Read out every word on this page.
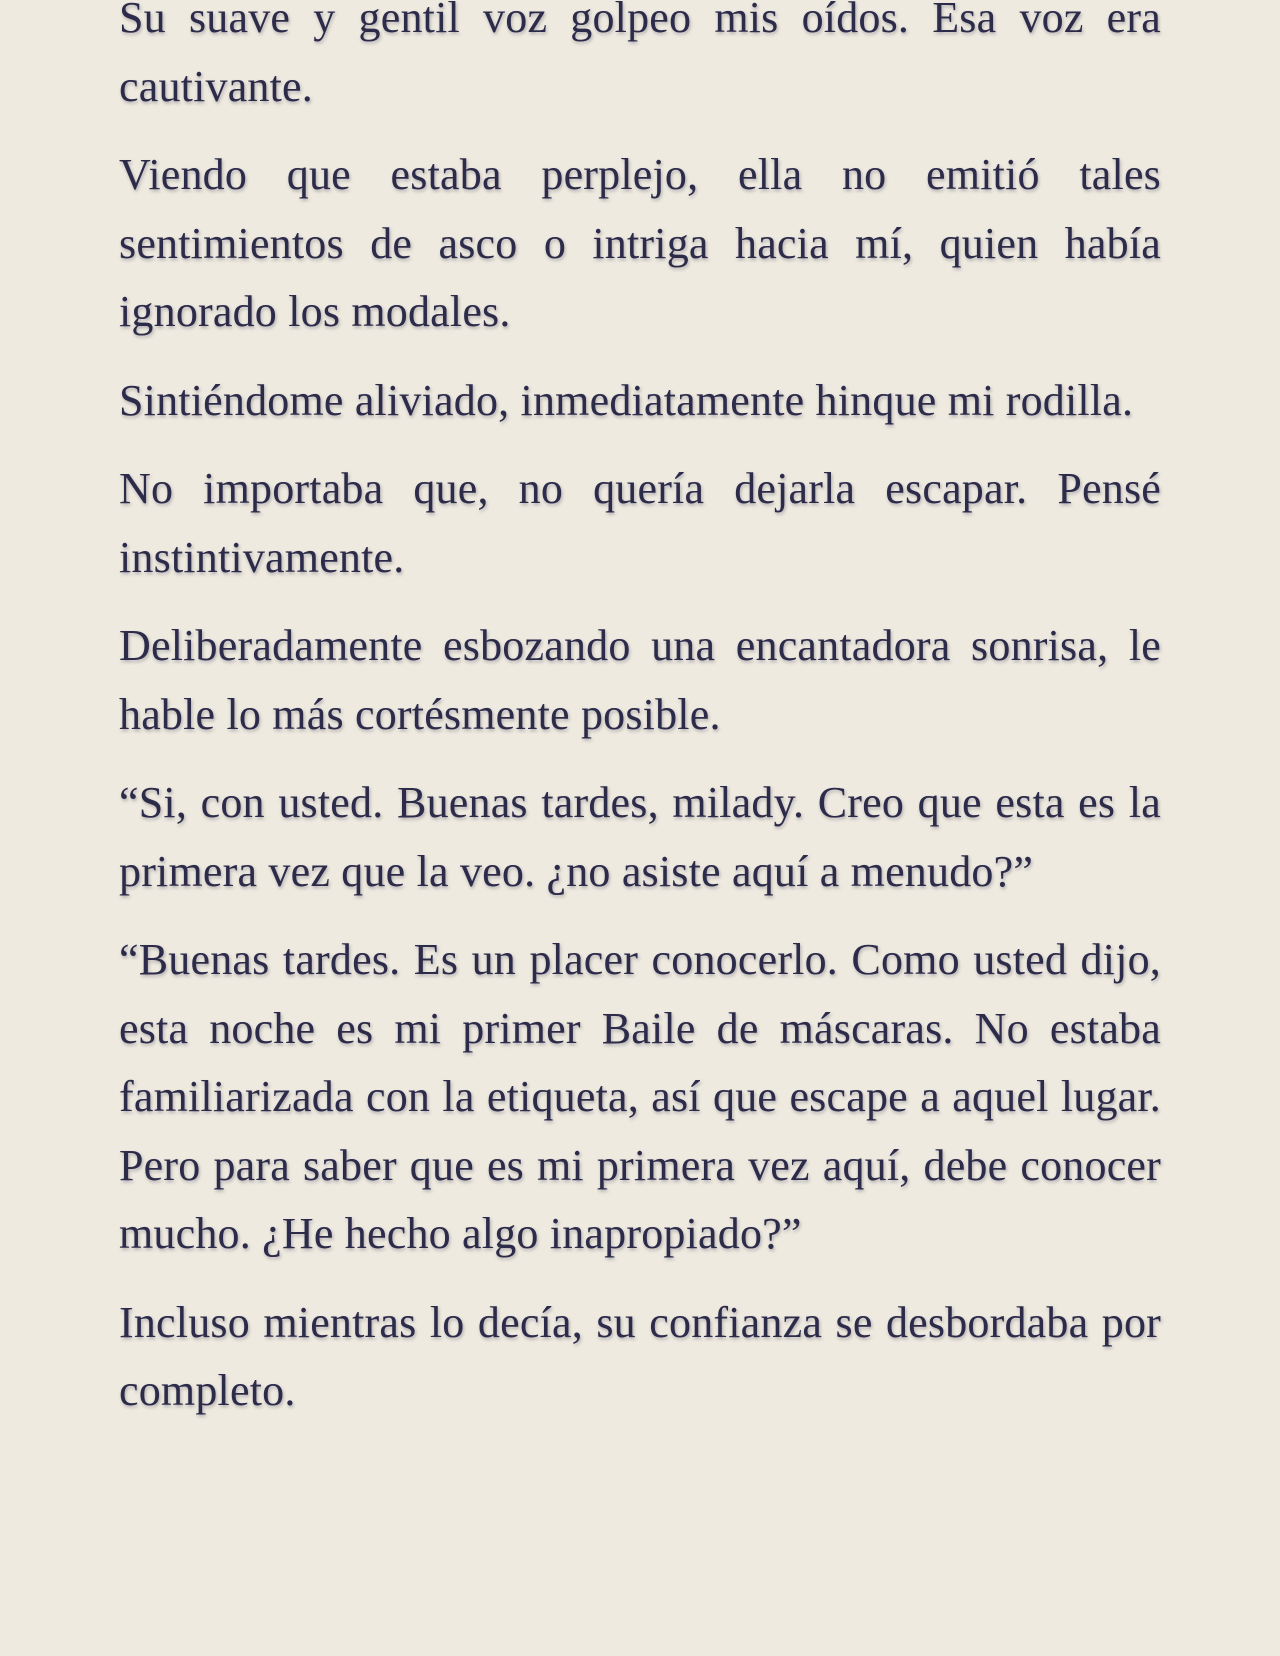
Su suave y gentil voz golpeo mis oídos. Esa voz era cautivante.

Viendo que estaba perplejo, ella no emitió tales sentimientos de asco o intriga hacia mí, quien había ignorado los modales.

Sintiéndome aliviado, inmediatamente hinque mi rodilla.

No importaba que, no quería dejarla escapar. Pensé instintivamente.

Deliberadamente esbozando una encantadora sonrisa, le hable lo más cortésmente posible.

“Si, con usted. Buenas tardes, milady. Creo que esta es la primera vez que la veo. ¿no asiste aquí a menudo?”

“Buenas tardes. Es un placer conocerlo. Como usted dijo, esta noche es mi primer Baile de máscaras. No estaba familiarizada con la etiqueta, así que escape a aquel lugar. Pero para saber que es mi primera vez aquí, debe conocer mucho. ¿He hecho algo inapropiado?”

Incluso mientras lo decía, su confianza se desbordaba por completo.
